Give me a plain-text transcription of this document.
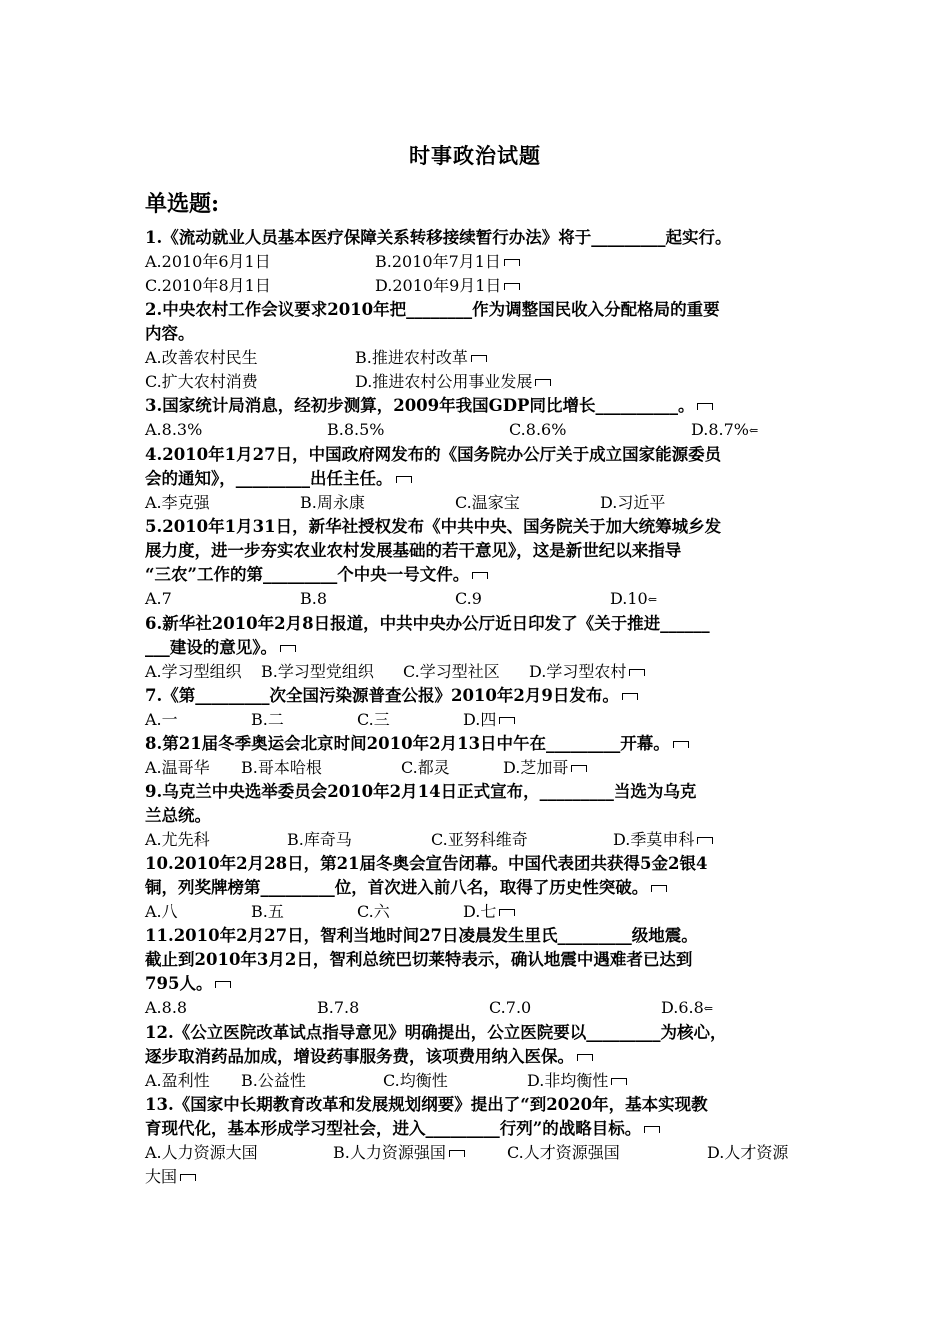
时事政治试题
单选题:

1.《流动就业人员基本医疗保障关系转移接续暂行办法》将于_________起实行。

A.2010年6月1日	B.2010年7月1日
C.2010年8月1日	D.2010年9月1日

2.中央农村工作会议要求2010年把________作为调整国民收入分配格局的重要

内容。

A.改善农村民生	B.推进农村改革
C.扩大农村消费	D.推进农村公用事业发展

3.国家统计局消息，经初步测算，2009年我国GDP同比增长__________。

A.8.3%	B.8.5%	C.8.6%	D.8.7%⇐

4.2010年1月27日，中国政府网发布的《国务院办公厅关于成立国家能源委员

会的通知》，_________出任主任。

A.李克强	B.周永康	C.温家宝	D.习近平

5.2010年1月31日，新华社授权发布《中共中央、国务院关于加大统筹城乡发

展力度，进一步夯实农业农村发展基础的若干意见》，这是新世纪以来指导

“三农”工作的第_________个中央一号文件。

A.7	B.8	C.9	D.10⇐

6.新华社2010年2月8日报道，中共中央办公厅近日印发了《关于推进______

___建设的意见》。

A.学习型组织	B.学习型党组织	C.学习型社区	D.学习型农村

7.《第_________次全国污染源普查公报》2010年2月9日发布。

A.一	B.二	C.三	D.四

8.第21届冬季奥运会北京时间2010年2月13日中午在_________开幕。

A.温哥华	B.哥本哈根	C.都灵	D.芝加哥

9.乌克兰中央选举委员会2010年2月14日正式宣布，_________当选为乌克

兰总统。

A.尤先科	B.库奇马	C.亚努科维奇	D.季莫申科

10.2010年2月28日，第21届冬奥会宣告闭幕。中国代表团共获得5金2银4

铜，列奖牌榜第_________位，首次进入前八名，取得了历史性突破。

A.八	B.五	C.六	D.七

11.2010年2月27日，智利当地时间27日凌晨发生里氏_________级地震。

截止到2010年3月2日，智利总统巴切莱特表示，确认地震中遇难者已达到

795人。

A.8.8	B.7.8	C.7.0	D.6.8⇐

12.《公立医院改革试点指导意见》明确提出，公立医院要以_________为核心，

逐步取消药品加成，增设药事服务费，该项费用纳入医保。

A.盈利性	B.公益性	C.均衡性	D.非均衡性

13.《国家中长期教育改革和发展规划纲要》提出了“到2020年，基本实现教

育现代化，基本形成学习型社会，进入_________行列”的战略目标。

A.人力资源大国	B.人力资源强国	C.人才资源强国	D.人才资源
大国
